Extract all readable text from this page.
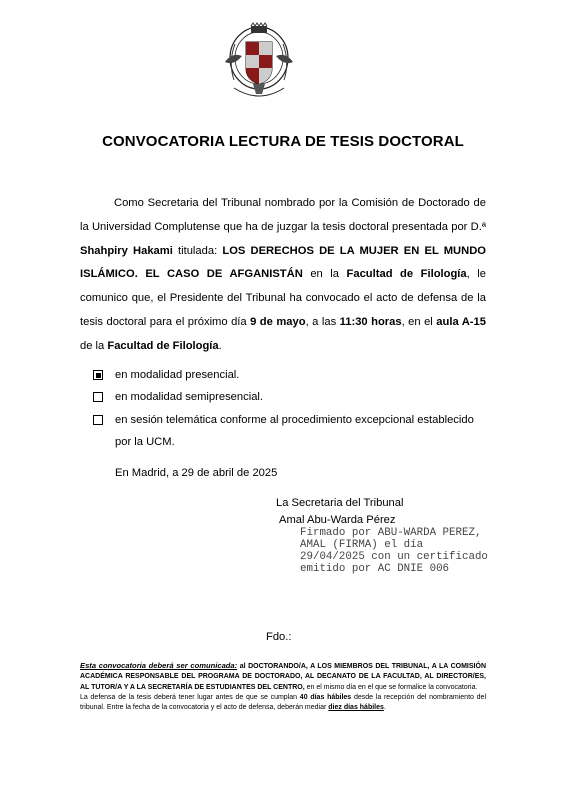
CONVOCATORIA LECTURA DE TESIS DOCTORAL
Como Secretaria del Tribunal nombrado por la Comisión de Doctorado de la Universidad Complutense que ha de juzgar la tesis doctoral presentada por D.ª Shahpiry Hakami titulada: LOS DERECHOS DE LA MUJER EN EL MUNDO ISLÁMICO. EL CASO DE AFGANISTÁN en la Facultad de Filología, le comunico que, el Presidente del Tribunal ha convocado el acto de defensa de la tesis doctoral para el próximo día 9 de mayo, a las 11:30 horas, en el aula A-15 de la Facultad de Filología.
en modalidad presencial.
en modalidad semipresencial.
en sesión telemática conforme al procedimiento excepcional establecido
por la UCM.
En Madrid, a 29 de abril de 2025
La Secretaria del Tribunal
Amal Abu-Warda Pérez
Firmado por ABU-WARDA PEREZ,
AMAL (FIRMA) el día
29/04/2025 con un certificado
emitido por AC DNIE 006
Fdo.:
Esta convocatoria deberá ser comunicada: al DOCTORANDO/A, A LOS MIEMBROS DEL TRIBUNAL, A LA COMISIÓN ACADÉMICA RESPONSABLE DEL PROGRAMA DE DOCTORADO, AL DECANATO DE LA FACULTAD, AL DIRECTOR/ES, AL TUTOR/A Y A LA SECRETARÍA DE ESTUDIANTES DEL CENTRO, en el mismo día en el que se formalice la convocatoria.
La defensa de la tesis deberá tener lugar antes de que se cumplan 40 días hábiles desde la recepción del nombramiento del tribunal. Entre la fecha de la convocatoria y el acto de defensa, deberán mediar diez días hábiles.
